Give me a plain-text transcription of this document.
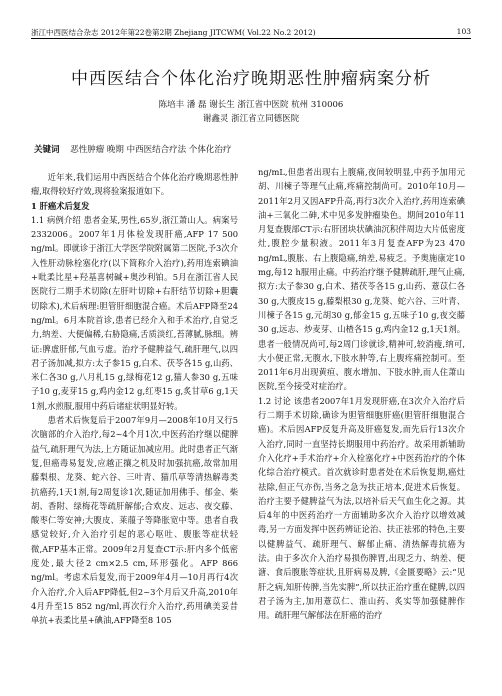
浙江中西医结合杂志 2012年第22卷第2期 Zhejiang JITCWM( Vol.22 No.2 2012)	103
中西医结合个体化治疗晚期恶性肿瘤病案分析
陈培丰 潘 磊 谢长生 浙江省中医院 杭州 310006
谢鑫灵 浙江省立同德医院
关键词 恶性肿瘤 晚期 中西医结合疗法 个体化治疗

近年来,我们运用中西医结合个体化治疗晚期恶性肿瘤,取得较好疗效,现将验案报道如下。

1 肝癌术后复发

1.1 病例介绍 患者金某,男性,65岁,浙江萧山人。病案号2332006。2007年1月体检发现肝癌,AFP 17 500 ng/ml。即就诊于浙江大学医学院附属第二医院,予3次介入性肝动脉栓塞化疗(以下简称介入治疗),药用连索碘油+吡柔比星+羟基喜树碱+奥沙利铂。5月在浙江省人民医院行二期手术切除(左肝叶切除+右肝结节切除+胆囊切除术),术后病理:胆管肝细胞混合癌。术后AFP降至24 ng/ml。6月本院首诊,患者已经介入和手术治疗,自觉乏力,纳差、大便偏稀,右胁隐痛,舌质淡红,苔薄腻,脉细。辨证:脾虚肝郁,气血亏虚。治疗予健脾益气,疏肝理气,以四君子汤加减,拟方:太子参15 g,白术、茯苓各15 g,山药、米仁各30 g,八月札15 g,绿梅花12 g,猫人参30 g,五味子10 g,麦芽15 g,鸡内金12 g,红枣15 g,炙甘草6 g,1天1剂,水煎服,服用中药后诸症状明显好转。

患者术后恢复后于2007年9月—2008年10月又行5次脑部的介入治疗,每2~4个月1次,中医药治疗继以健脾益气,疏肝理气为法,上方随证加减应用。此时患者正气渐复,但癌毒易复发,应越正攘之机及时加强抗癌,故常加用藤梨根、龙葵、蛇六谷、三叶青、猫爪草等清热解毒类抗癌药,1天1剂,每2周复诊1次,随证加用佛手、郁金、柴胡、香附、绿梅花等疏肝解郁;合欢皮、远志、夜交藤、酸枣仁等安神;大腹皮、莱菔子等降胀宽中等。患者自我感觉较好,介入治疗引起的恶心呕吐、腹胀等症状轻微,AFP基本正常。2009年2月复查CT示:肝内多个低密度处,最大径2 cm×2.5 cm,环形强化。AFP 866 ng/ml。考虑术后复发,而于2009年4月—10月再行4次介入治疗,介入后AFP降低,但2~3个月后又升高,2010年4月升至15 852 ng/ml,再次行介入治疗,药用碘美妥昔单抗+表柔比星+碘油,AFP降至8 105

ng/mL,但患者出现右上腹痛,夜间较明显,中药予加用元胡、川楝子等理气止痛,疼痛控制尚可。2010年10月—2011年2月又因AFP升高,再行3次介入治疗,药用连索碘油+三氧化二砷,术中见多发肿瘤染色。期间2010年11月复查腹部CT示:右肝团块状碘油沉积伴周边大片低密度灶,腹腔少量积液。2011年3月复查AFP为23 470 ng/mL,腹胀、右上腹隐痛,纳差,易疲乏。予奥施康定10 mg,每12 h服用止痛。中药治疗继予健脾疏肝,理气止痛,拟方:太子参30 g,白术、猪茯苓各15 g,山药、薏苡仁各30 g,大腹皮15 g,藤梨根30 g,龙葵、蛇六谷、三叶青、川楝子各15 g,元胡30 g,郁金15 g,五味子10 g,夜交藤30 g,远志、炒麦芽、山楂各15 g,鸡内金12 g,1天1剂。患者一般情况尚可,每2周门诊就诊,精神可,较消瘦,纳可,大小便正常,无腹水,下肢水肿等,右上腹疼痛控制可。至2011年6月出现黄疸、腹水增加、下肢水肿,而人住萧山医院,至今接受对症治疗。

1.2 讨论 该患者2007年1月发现肝癌,在3次介入治疗后行二期手术切除,确诊为胆管细胞肝癌(胆管肝细胞混合癌)。术后因AFP反复升高及肝癌复发,而先后行13次介入治疗,同时一直坚持长期服用中药治疗。故采用新辅助介入化疗+手术治疗+介入栓塞化疗+中医药治疗的个体化综合治疗模式。首次就诊时患者处在术后恢复期,癌灶祛除,但正气亦伤,当务之急为扶正培本,促进术后恢复。治疗主要予健脾益气为法,以培补后天气血生化之源。其后4年的中医药治疗一方面辅助多次介入治疗以增效减毒,另一方面发挥中医药辨证论治、扶正祛邪的特色,主要以健脾益气、疏肝理气、解郁止痛、清热解毒抗癌为法。由于多次介入治疗易损伤脾胃,出现乏力、纳差、便溏、食后腹胀等症状,且肝病易及脾,《金匮要略》云:“见肝之病,知肝传脾,当先实脾”,所以扶正治疗重在健脾,以四君子汤为主,加用薏苡仁、淮山药、炙实等加强健脾作用。疏肝理气解郁法在肝癌的治疗
